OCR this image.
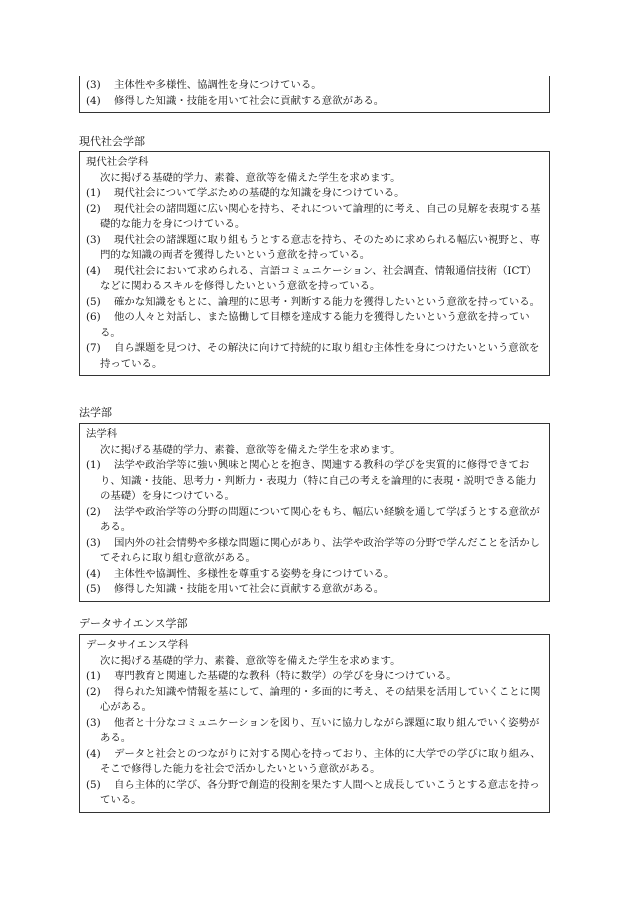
(3) 主体性や多様性、協調性を身につけている。
(4) 修得した知識・技能を用いて社会に貢献する意欲がある。
現代社会学部
現代社会学科
次に掲げる基礎的学力、素養、意欲等を備えた学生を求めます。
(1) 現代社会について学ぶための基礎的な知識を身につけている。
(2) 現代社会の諸問題に広い関心を持ち、それについて論理的に考え、自己の見解を表現する基礎的な能力を身につけている。
(3) 現代社会の諸課題に取り組もうとする意志を持ち、そのために求められる幅広い視野と、専門的な知識の両者を獲得したいという意欲を持っている。
(4) 現代社会において求められる、言語コミュニケーション、社会調査、情報通信技術（ICT）などに関わるスキルを修得したいという意欲を持っている。
(5) 確かな知識をもとに、論理的に思考・判断する能力を獲得したいという意欲を持っている。
(6) 他の人々と対話し、また協働して目標を達成する能力を獲得したいという意欲を持っている。
(7) 自ら課題を見つけ、その解決に向けて持続的に取り組む主体性を身につけたいという意欲を持っている。
法学部
法学科
次に掲げる基礎的学力、素養、意欲等を備えた学生を求めます。
(1) 法学や政治学等に強い興味と関心とを抱き、関連する教科の学びを実質的に修得できており、知識・技能、思考力・判断力・表現力（特に自己の考えを論理的に表現・説明できる能力の基礎）を身につけている。
(2) 法学や政治学等の分野の問題について関心をもち、幅広い経験を通して学ぼうとする意欲がある。
(3) 国内外の社会情勢や多様な問題に関心があり、法学や政治学等の分野で学んだことを活かしてそれらに取り組む意欲がある。
(4) 主体性や協調性、多様性を尊重する姿勢を身につけている。
(5) 修得した知識・技能を用いて社会に貢献する意欲がある。
データサイエンス学部
データサイエンス学科
次に掲げる基礎的学力、素養、意欲等を備えた学生を求めます。
(1) 専門教育と関連した基礎的な教科（特に数学）の学びを身につけている。
(2) 得られた知識や情報を基にして、論理的・多面的に考え、その結果を活用していくことに関心がある。
(3) 他者と十分なコミュニケーションを図り、互いに協力しながら課題に取り組んでいく姿勢がある。
(4) データと社会とのつながりに対する関心を持っており、主体的に大学での学びに取り組み、そこで修得した能力を社会で活かしたいという意欲がある。
(5) 自ら主体的に学び、各分野で創造的役割を果たす人間へと成長していこうとする意志を持っている。
